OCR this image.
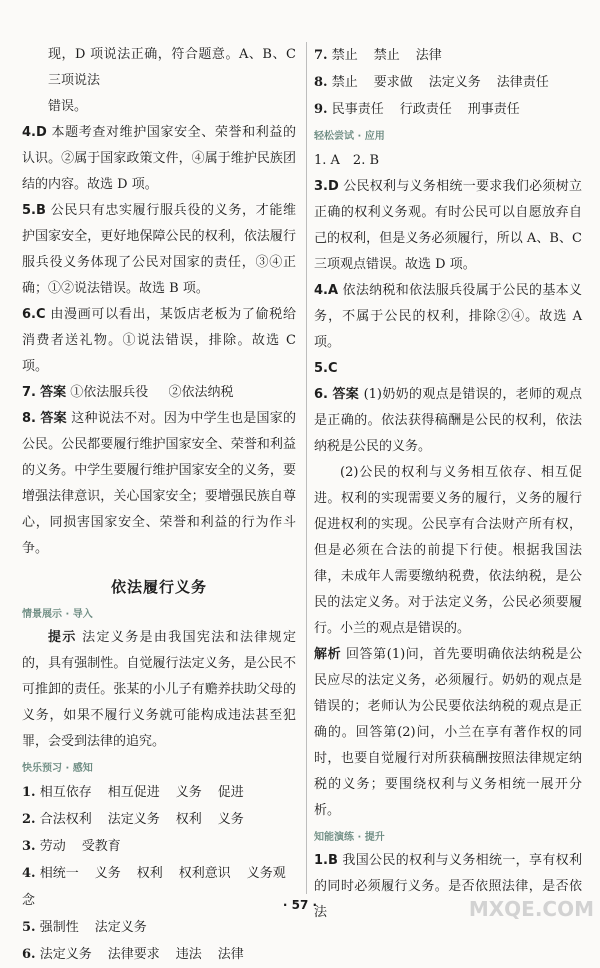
现，D 项说法正确，符合题意。A、B、C 三项说法
错误。
4.D 本题考查对维护国家安全、荣誉和利益的认识。②属于国家政策文件，④属于维护民族团结的内容。故选 D 项。
5.B 公民只有忠实履行服兵役的义务，才能维护国家安全，更好地保障公民的权利，依法履行服兵役义务体现了公民对国家的责任，③④正确；①②说法错误。故选 B 项。
6.C 由漫画可以看出，某饭店老板为了偷税给消费者送礼物。①说法错误，排除。故选 C 项。
7. 答案 ①依法服兵役 ②依法纳税
8. 答案 这种说法不对。因为中学生也是国家的公民。公民都要履行维护国家安全、荣誉和利益的义务。中学生要履行维护国家安全的义务，要增强法律意识，关心国家安全；要增强民族自尊心，同损害国家安全、荣誉和利益的行为作斗争。
依法履行义务
情景展示 · 导入
提示 法定义务是由我国宪法和法律规定的，具有强制性。自觉履行法定义务，是公民不可推卸的责任。张某的小儿子有赡养扶助父母的义务，如果不履行义务就可能构成违法甚至犯罪，会受到法律的追究。
快乐预习 · 感知
1. 相互依存 相互促进 义务 促进
2. 合法权利 法定义务 权利 义务
3. 劳动 受教育
4. 相统一 义务 权利 权利意识 义务观念
5. 强制性 法定义务
6. 法定义务 法律要求 违法 法律
7. 禁止 禁止 法律
8. 禁止 要求做 法定义务 法律责任
9. 民事责任 行政责任 刑事责任
轻松尝试 · 应用
1. A　2. B
3.D 公民权利与义务相统一要求我们必须树立正确的权利义务观。有时公民可以自愿放弃自己的权利，但是义务必须履行，所以 A、B、C 三项观点错误。故选 D 项。
4.A 依法纳税和依法服兵役属于公民的基本义务，不属于公民的权利，排除②④。故选 A 项。
5.C
6. 答案 (1)奶奶的观点是错误的，老师的观点是正确的。依法获得稿酬是公民的权利，依法纳税是公民的义务。
(2)公民的权利与义务相互依存、相互促进。权利的实现需要义务的履行，义务的履行促进权利的实现。公民享有合法财产所有权，但是必须在合法的前提下行使。根据我国法律，未成年人需要缴纳税费，依法纳税，是公民的法定义务。对于法定义务，公民必须要履行。小兰的观点是错误的。
解析 回答第(1)问，首先要明确依法纳税是公民应尽的法定义务，必须履行。奶奶的观点是错误的；老师认为公民要依法纳税的观点是正确的。回答第(2)问，小兰在享有著作权的同时，也要自觉履行对所获稿酬按照法律规定纳税的义务；要围绕权利与义务相统一展开分析。
知能演练 · 提升
1.B 我国公民的权利与义务相统一，享有权利的同时必须履行义务。是否依照法律，是否依法
· 57 ·	MXQE.COM
